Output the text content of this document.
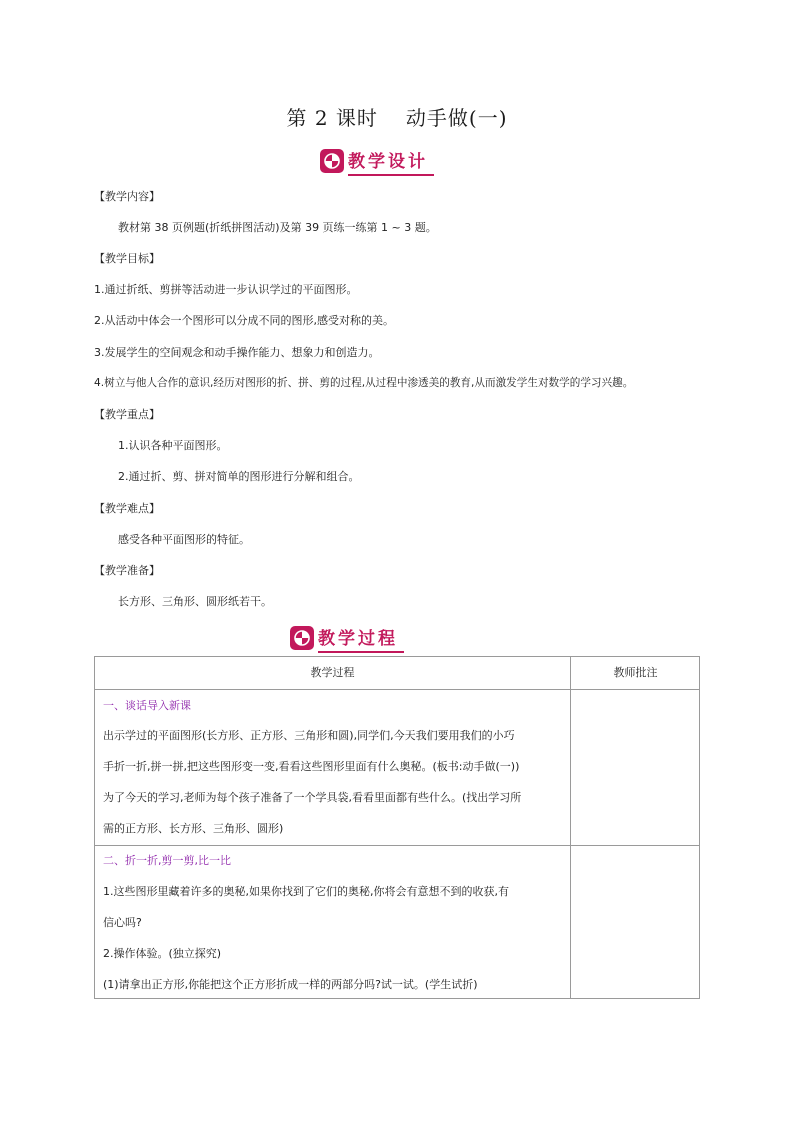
第 2 课时 动手做(一)
教学设计
【教学内容】
教材第 38 页例题(折纸拼图活动)及第 39 页练一练第 1 ~ 3 题。
【教学目标】
1.通过折纸、剪拼等活动进一步认识学过的平面图形。
2.从活动中体会一个图形可以分成不同的图形,感受对称的美。
3.发展学生的空间观念和动手操作能力、想象力和创造力。
4.树立与他人合作的意识,经历对图形的折、拼、剪的过程,从过程中渗透美的教育,从而激发学生对数学的学习兴趣。
【教学重点】
1.认识各种平面图形。
2.通过折、剪、拼对简单的图形进行分解和组合。
【教学难点】
感受各种平面图形的特征。
【教学准备】
长方形、三角形、圆形纸若干。
教学过程
教学过程	教师批注
一、谈话导入新课
出示学过的平面图形(长方形、正方形、三角形和圆),同学们,今天我们要用我们的小巧
手折一折,拼一拼,把这些图形变一变,看看这些图形里面有什么奥秘。(板书:动手做(一))
为了今天的学习,老师为每个孩子准备了一个学具袋,看看里面都有些什么。(找出学习所
需的正方形、长方形、三角形、圆形)
二、折一折,剪一剪,比一比
1.这些图形里藏着许多的奥秘,如果你找到了它们的奥秘,你将会有意想不到的收获,有
信心吗?
2.操作体验。(独立探究)
(1)请拿出正方形,你能把这个正方形折成一样的两部分吗?试一试。(学生试折)
